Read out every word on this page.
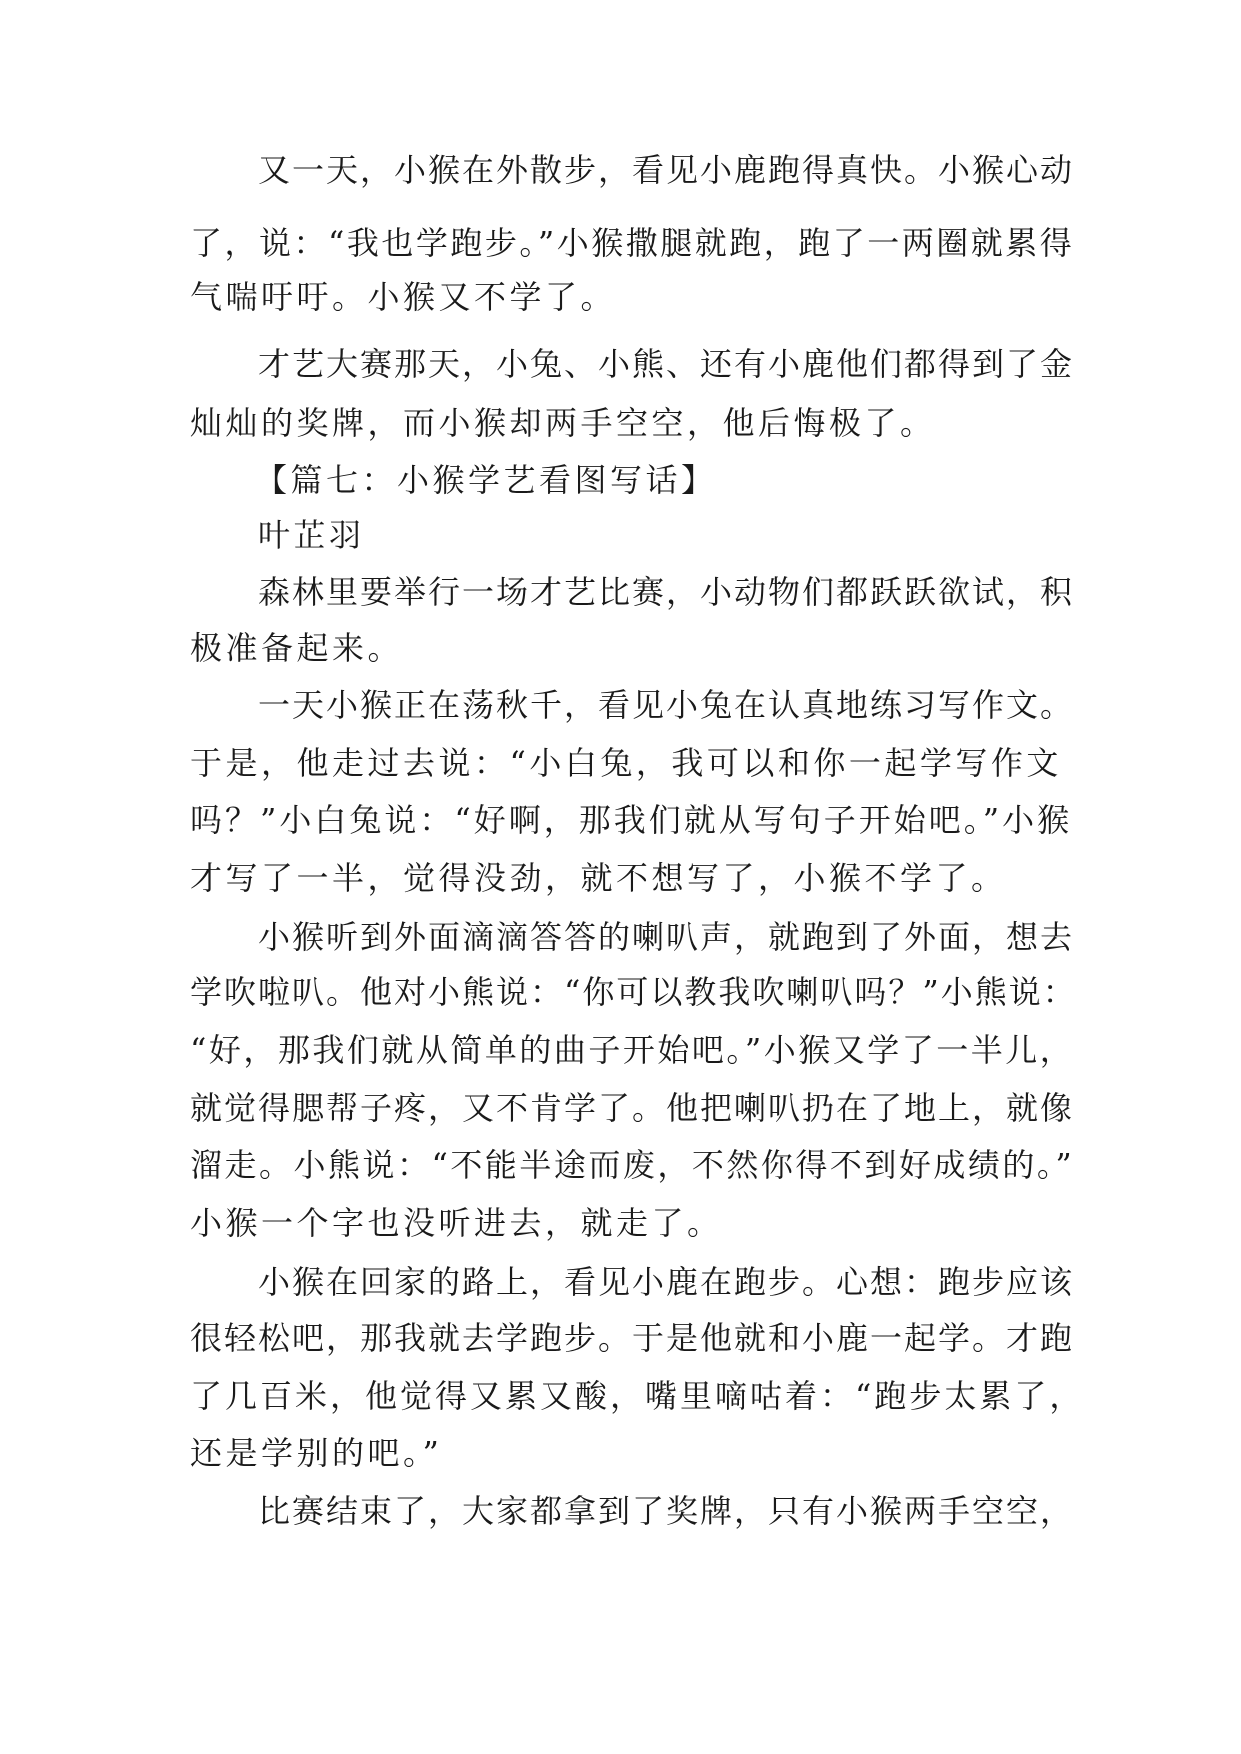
又一天，小猴在外散步，看见小鹿跑得真快。小猴心动
了，说：“我也学跑步。”小猴撒腿就跑，跑了一两圈就累得
气喘吁吁。小猴又不学了。
才艺大赛那天，小兔、小熊、还有小鹿他们都得到了金
灿灿的奖牌，而小猴却两手空空，他后悔极了。
【篇七：小猴学艺看图写话】
叶芷羽
森林里要举行一场才艺比赛，小动物们都跃跃欲试，积
极准备起来。
一天小猴正在荡秋千，看见小兔在认真地练习写作文。
于是，他走过去说：“小白兔，我可以和你一起学写作文
吗？”小白兔说：“好啊，那我们就从写句子开始吧。”小猴
才写了一半，觉得没劲，就不想写了，小猴不学了。
小猴听到外面滴滴答答的喇叭声，就跑到了外面，想去
学吹啦叭。他对小熊说：“你可以教我吹喇叭吗？”小熊说：
“好，那我们就从简单的曲子开始吧。”小猴又学了一半儿，
就觉得腮帮子疼，又不肯学了。他把喇叭扔在了地上，就像
溜走。小熊说：“不能半途而废，不然你得不到好成绩的。”
小猴一个字也没听进去，就走了。
小猴在回家的路上，看见小鹿在跑步。心想：跑步应该
很轻松吧，那我就去学跑步。于是他就和小鹿一起学。才跑
了几百米，他觉得又累又酸，嘴里嘀咕着：“跑步太累了，
还是学别的吧。”
比赛结束了，大家都拿到了奖牌，只有小猴两手空空，
